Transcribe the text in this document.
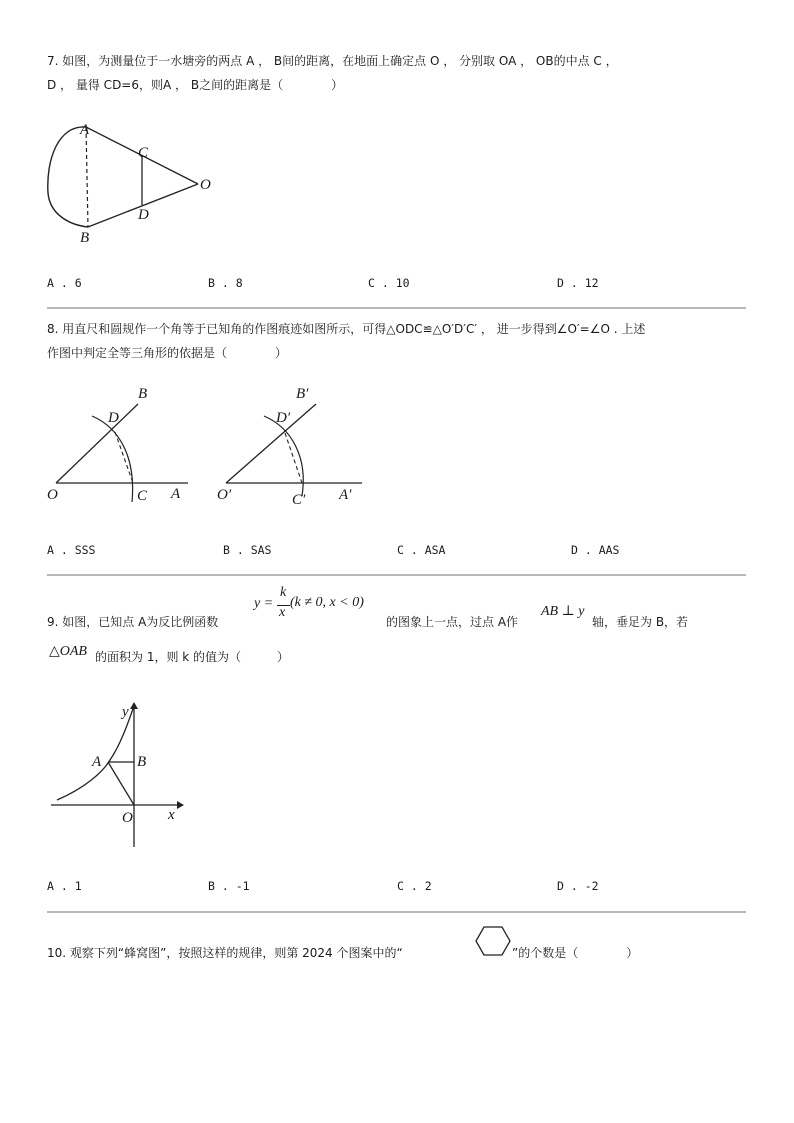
7. 如图，为测量位于一水塘旁的两点 A ， B间的距离，在地面上确定点 O ， 分别取 OA ， OB的中点 C ，
D ， 量得 CD=6，则A ， B之间的距离是（　　　　）
A
B
C
D
O
A . 6	B . 8	C . 10	D . 12
8. 用直尺和圆规作一个角等于已知角的作图痕迹如图所示，可得△ODC≌△O′D′C′ ， 进一步得到∠O′=∠O . 上述
作图中判定全等三角形的依据是（　　　　）
B
D
O	C A
B′
D′
O′	C′ A′
A . SSS	B . SAS	C . ASA	D . AAS
9. 如图，已知点 A为反比例函数
y =
k
x
(k ≠ 0, x < 0)
的图象上一点，过点 A作
AB ⊥ y
轴，垂足为 B，若
△OAB 的面积为 1，则 k 的值为（　　　）
y
x
A B
O
A . 1	B . -1	C . 2	D . -2
10. 观察下列“蜂窝图”，按照这样的规律，则第 2024 个图案中的“	”的个数是（　　　　）
